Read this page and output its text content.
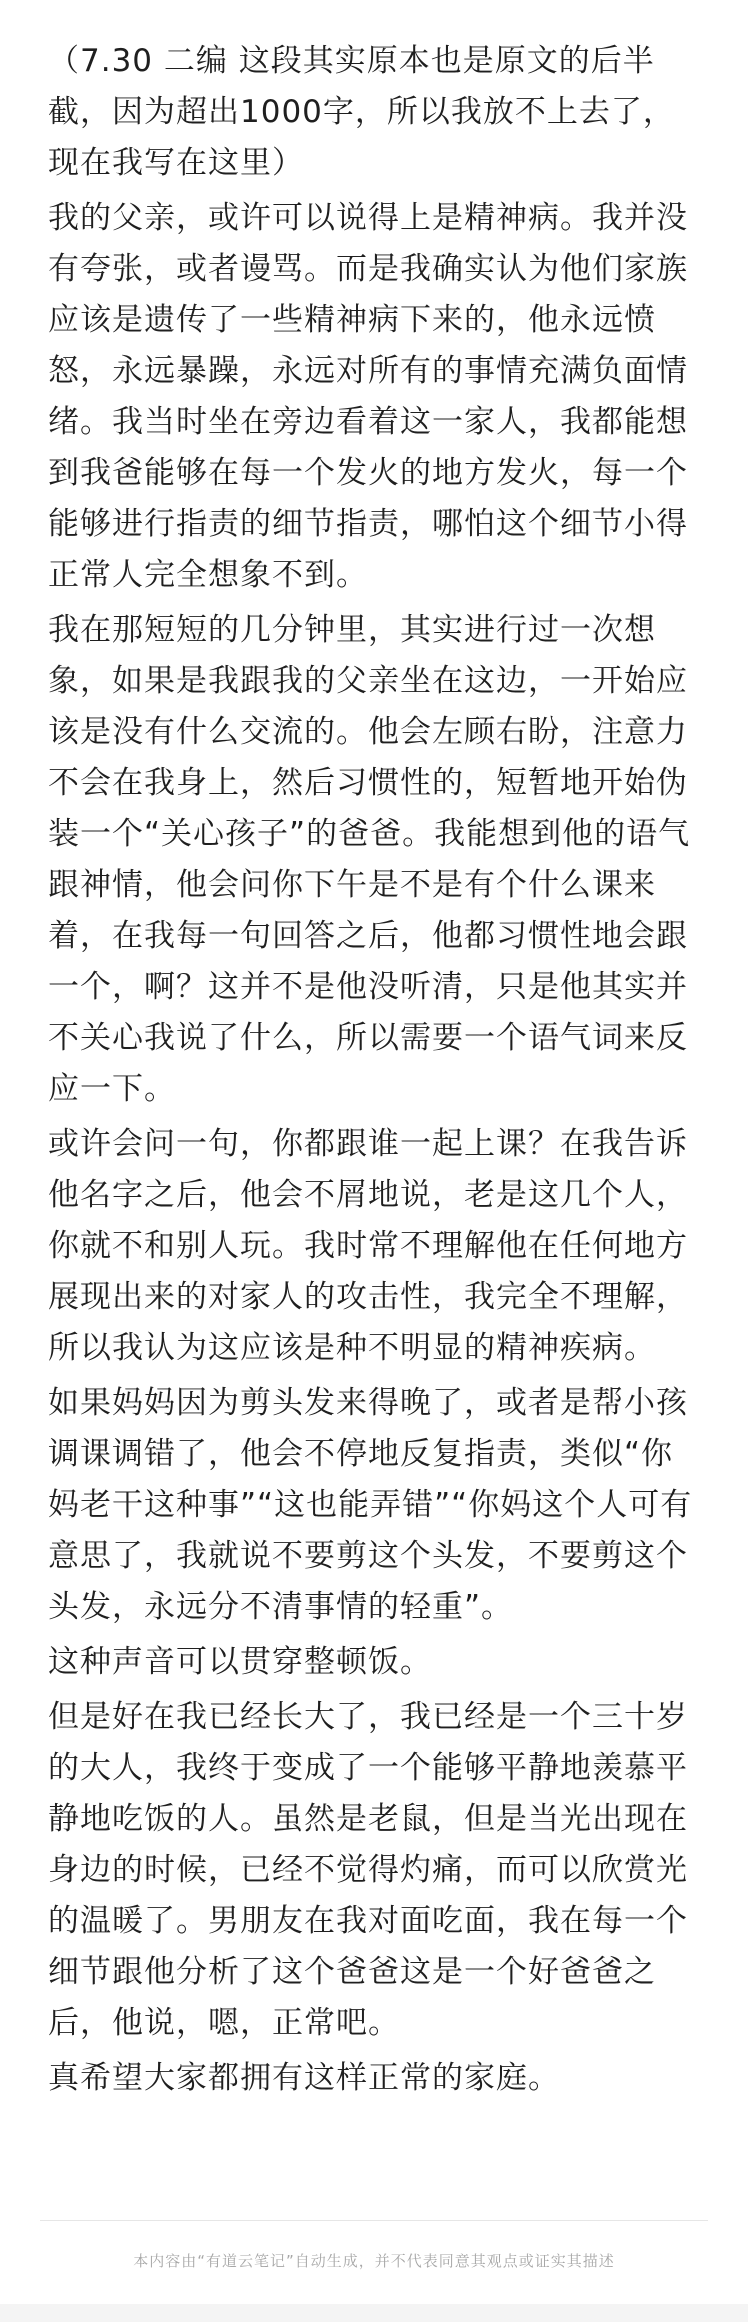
（7.30 二编 这段其实原本也是原文的后半截，因为超出1000字，所以我放不上去了，现在我写在这里）

我的父亲，或许可以说得上是精神病。我并没有夸张，或者谩骂。而是我确实认为他们家族应该是遗传了一些精神病下来的，他永远愤怒，永远暴躁，永远对所有的事情充满负面情绪。我当时坐在旁边看着这一家人，我都能想到我爸能够在每一个发火的地方发火，每一个能够进行指责的细节指责，哪怕这个细节小得正常人完全想象不到。

我在那短短的几分钟里，其实进行过一次想象，如果是我跟我的父亲坐在这边，一开始应该是没有什么交流的。他会左顾右盼，注意力不会在我身上，然后习惯性的，短暂地开始伪装一个“关心孩子”的爸爸。我能想到他的语气跟神情，他会问你下午是不是有个什么课来着，在我每一句回答之后，他都习惯性地会跟一个，啊？这并不是他没听清，只是他其实并不关心我说了什么，所以需要一个语气词来反应一下。

或许会问一句，你都跟谁一起上课？在我告诉他名字之后，他会不屑地说，老是这几个人，你就不和别人玩。我时常不理解他在任何地方展现出来的对家人的攻击性，我完全不理解，所以我认为这应该是种不明显的精神疾病。

如果妈妈因为剪头发来得晚了，或者是帮小孩调课调错了，他会不停地反复指责，类似“你妈老干这种事”“这也能弄错”“你妈这个人可有意思了，我就说不要剪这个头发，不要剪这个头发，永远分不清事情的轻重”。

这种声音可以贯穿整顿饭。

但是好在我已经长大了，我已经是一个三十岁的大人，我终于变成了一个能够平静地羡慕平静地吃饭的人。虽然是老鼠，但是当光出现在身边的时候，已经不觉得灼痛，而可以欣赏光的温暖了。男朋友在我对面吃面，我在每一个细节跟他分析了这个爸爸这是一个好爸爸之后，他说，嗯，正常吧。

真希望大家都拥有这样正常的家庭。

本内容由“有道云笔记”自动生成，并不代表同意其观点或证实其描述
